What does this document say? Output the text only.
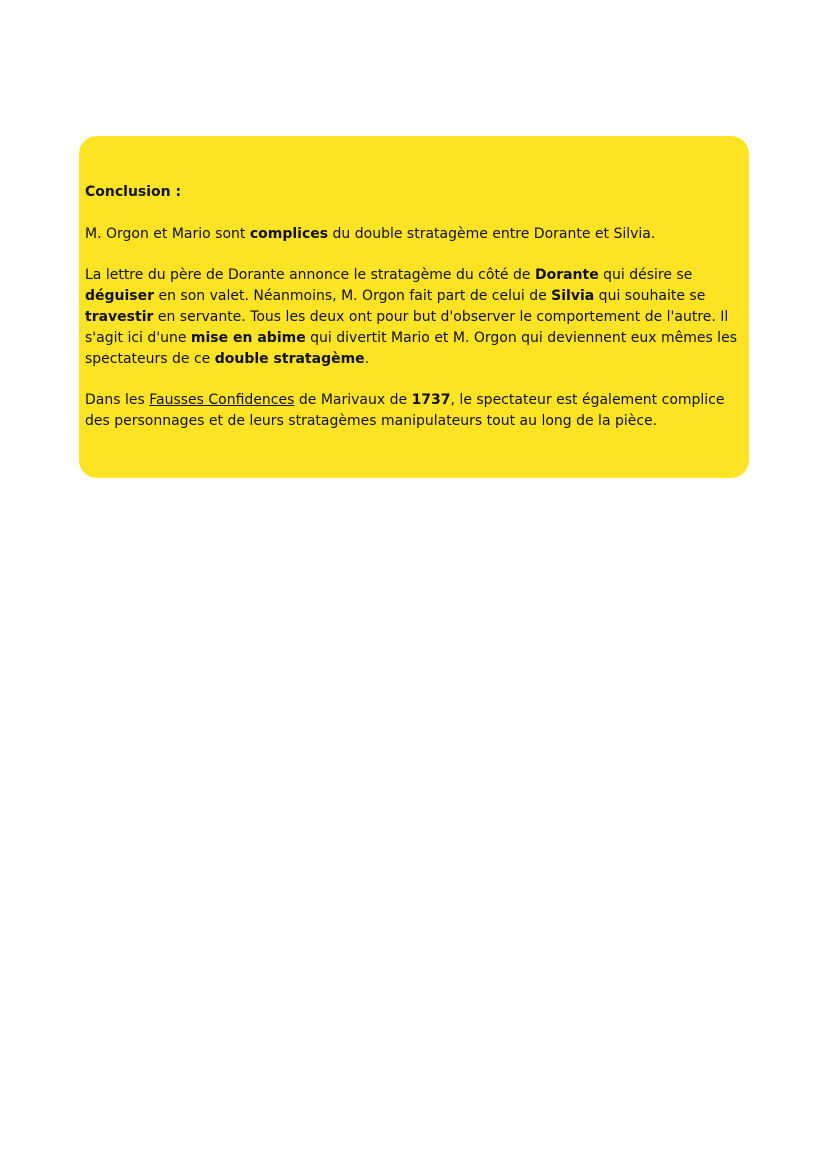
Conclusion :

M. Orgon et Mario sont complices du double stratagème entre Dorante et Silvia.

La lettre du père de Dorante annonce le stratagème du côté de Dorante qui désire se déguiser en son valet. Néanmoins, M. Orgon fait part de celui de Silvia qui souhaite se travestir en servante. Tous les deux ont pour but d'observer le comportement de l'autre. Il s'agit ici d'une mise en abime qui divertit Mario et M. Orgon qui deviennent eux mêmes les spectateurs de ce double stratagème.

Dans les Fausses Confidences de Marivaux de 1737, le spectateur est également complice des personnages et de leurs stratagèmes manipulateurs tout au long de la pièce.
